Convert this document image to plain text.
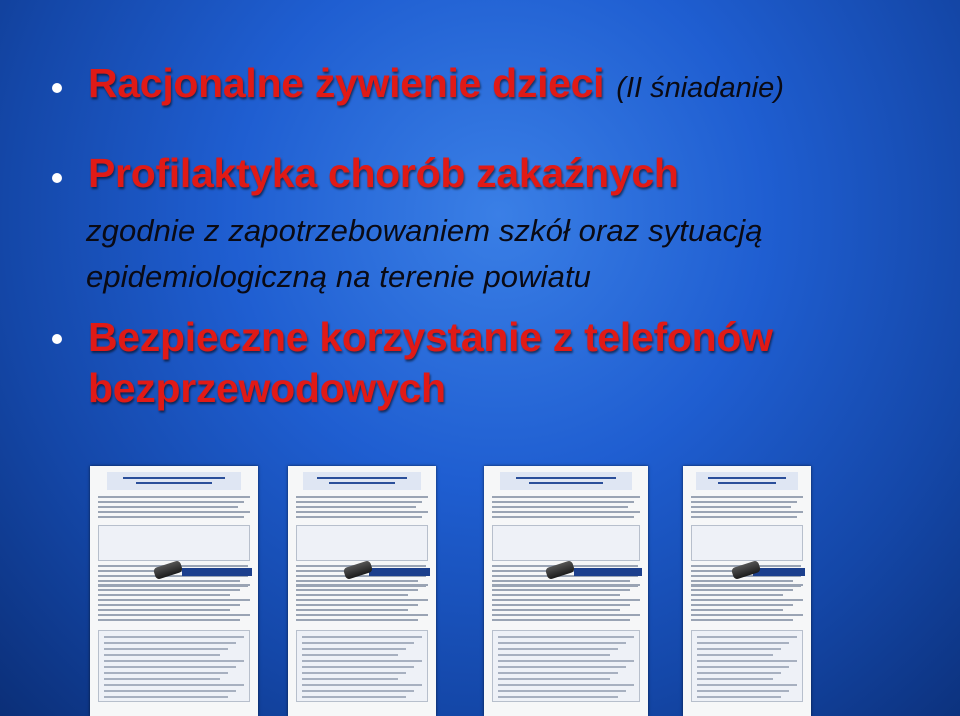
Racjonalne żywienie dzieci (II śniadanie)
Profilaktyka chorób zakaźnych
zgodnie z zapotrzebowaniem szkół oraz sytuacją
epidemiologiczną na terenie powiatu
Bezpieczne korzystanie z telefonów
bezprzewodowych
